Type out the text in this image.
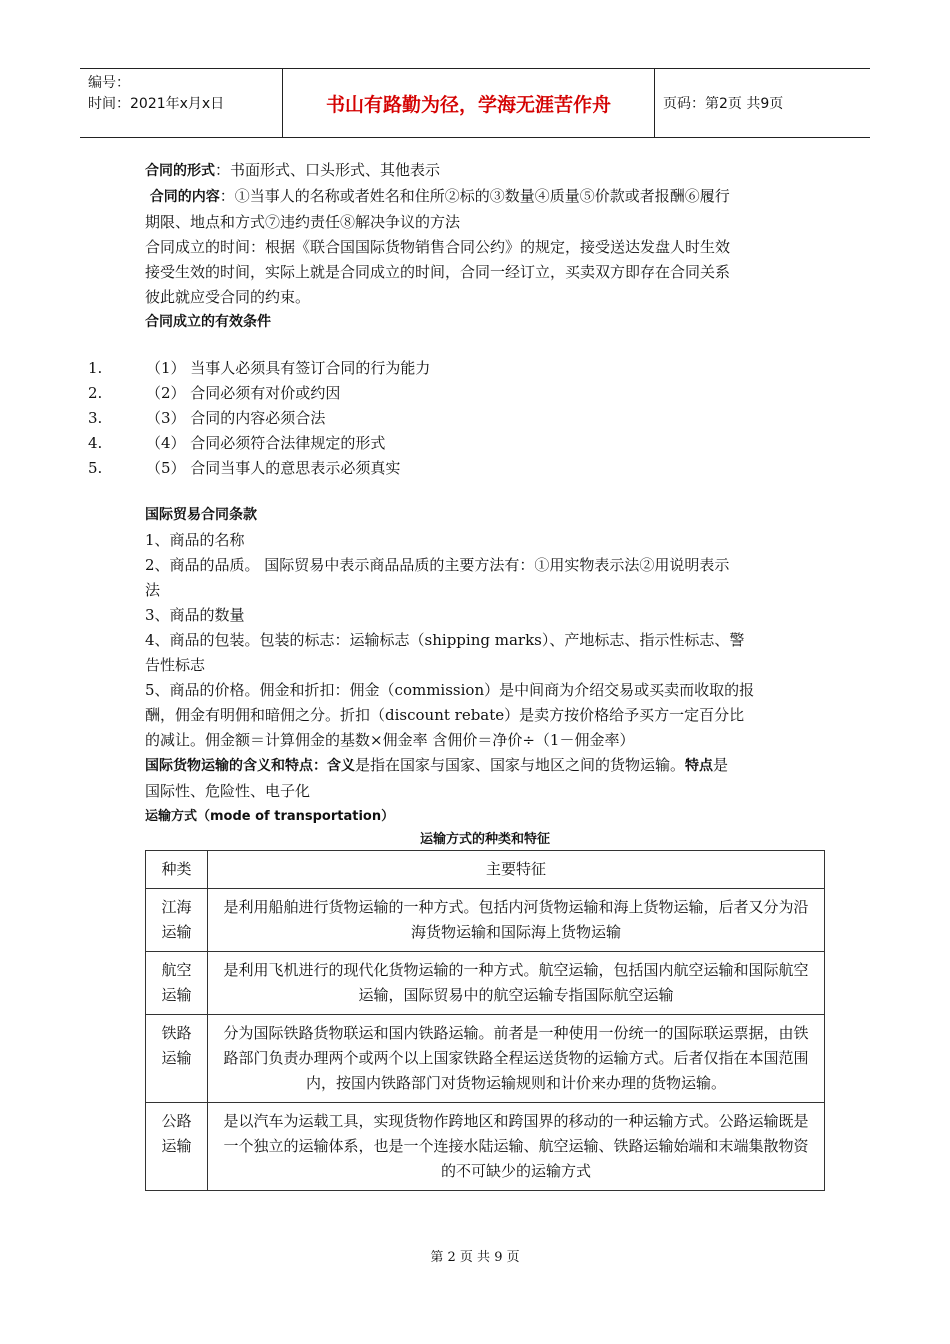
编号：
时间：2021年x月x日	书山有路勤为径，学海无涯苦作舟	页码：第2页 共9页

合同的形式：书面形式、口头形式、其他表示

合同的内容：①当事人的名称或者姓名和住所②标的③数量④质量⑤价款或者报酬⑥履行

期限、地点和方式⑦违约责任⑧解决争议的方法

合同成立的时间：根据《联合国国际货物销售合同公约》的规定，接受送达发盘人时生效

接受生效的时间，实际上就是合同成立的时间，合同一经订立，买卖双方即存在合同关系

彼此就应受合同的约束。

合同成立的有效条件

1.	（1） 当事人必须具有签订合同的行为能力
2.	（2） 合同必须有对价或约因
3.	（3） 合同的内容必须合法
4.	（4） 合同必须符合法律规定的形式
5.	（5） 合同当事人的意思表示必须真实

国际贸易合同条款

1、商品的名称

2、商品的品质。 国际贸易中表示商品品质的主要方法有：①用实物表示法②用说明表示

法

3、商品的数量

4、商品的包装。包装的标志：运输标志（shipping marks）、产地标志、指示性标志、警

告性标志

5、商品的价格。佣金和折扣：佣金（commission）是中间商为介绍交易或买卖而收取的报

酬，佣金有明佣和暗佣之分。折扣（discount rebate）是卖方按价格给予买方一定百分比

的减让。佣金额＝计算佣金的基数×佣金率 含佣价＝净价÷（1－佣金率）

国际货物运输的含义和特点：含义是指在国家与国家、国家与地区之间的货物运输。特点是

国际性、危险性、电子化

运输方式（mode of transportation）

运输方式的种类和特征
种类	主要特征

江海
运输	是利用船舶进行货物运输的一种方式。包括内河货物运输和海上货物运输，后者又分为沿海货物运输和国际海上货物运输

航空
运输	是利用飞机进行的现代化货物运输的一种方式。航空运输，包括国内航空运输和国际航空运输，国际贸易中的航空运输专指国际航空运输

铁路
运输	分为国际铁路货物联运和国内铁路运输。前者是一种使用一份统一的国际联运票据，由铁路部门负责办理两个或两个以上国家铁路全程运送货物的运输方式。后者仅指在本国范围内，按国内铁路部门对货物运输规则和计价来办理的货物运输。

公路
运输	是以汽车为运载工具，实现货物作跨地区和跨国界的移动的一种运输方式。公路运输既是一个独立的运输体系，也是一个连接水陆运输、航空运输、铁路运输始端和末端集散物资的不可缺少的运输方式
第 2 页 共 9 页
